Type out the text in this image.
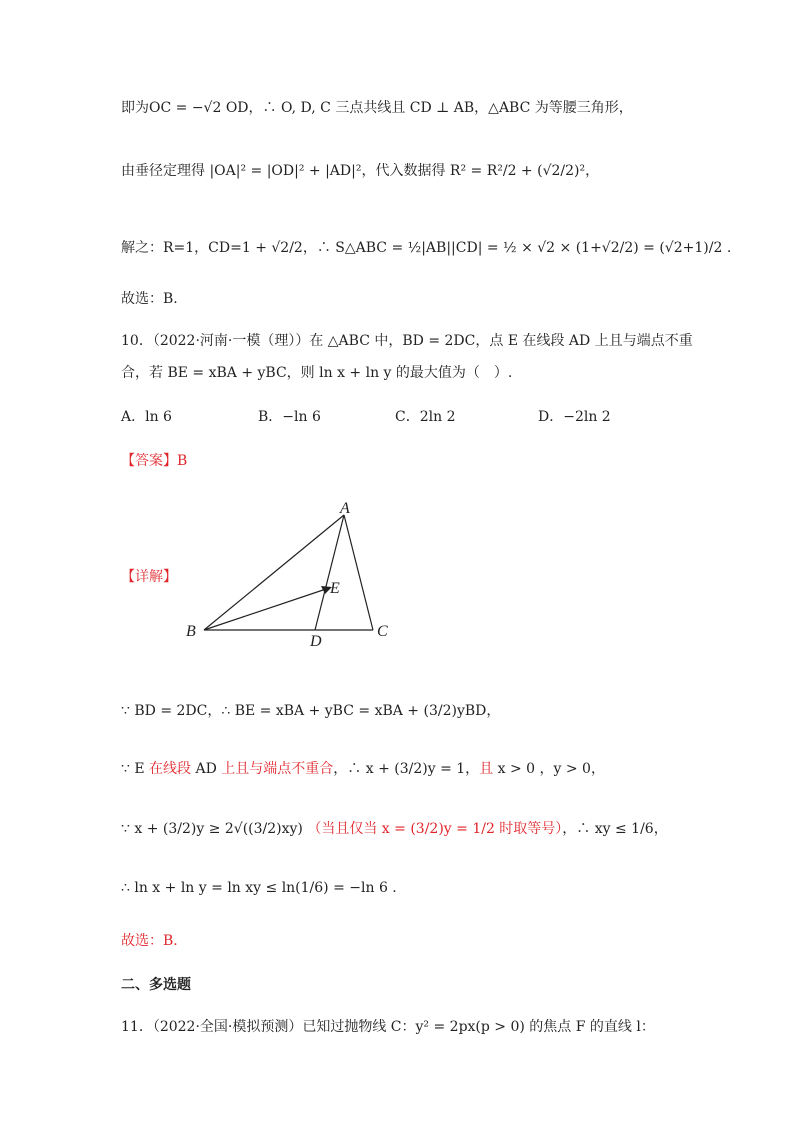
即为OC = −√2 OD，∴ O, D, C 三点共线且 CD ⊥ AB，△ABC 为等腰三角形，
由垂径定理得 |OA|² = |OD|² + |AD|²，代入数据得 R² = R²/2 + (√2/2)²，
解之：R=1，CD=1 + √2/2，∴ S△ABC = ½|AB||CD| = ½ × √2 × (1+√2/2) = (√2+1)/2 .
故选：B.
10．（2022·河南·一模（理））在 △ABC 中，BD = 2DC，点 E 在线段 AD 上且与端点不重
合，若 BE = xBA + yBC，则 ln x + ln y 的最大值为（　）.
A．ln 6	B．−ln 6	C．2ln 2	D．−2ln 2
【答案】B
【详解】
A
B	C
D
E
∵ BD = 2DC，∴ BE = xBA + yBC = xBA + (3/2)yBD，
∵ E 在线段 AD 上且与端点不重合，∴ x + (3/2)y = 1，且 x > 0 ，y > 0，
∵ x + (3/2)y ≥ 2√((3/2)xy) （当且仅当 x = (3/2)y = 1/2 时取等号），∴ xy ≤ 1/6，
∴ ln x + ln y = ln xy ≤ ln(1/6) = −ln 6 .
故选：B.
二、多选题
11．（2022·全国·模拟预测）已知过抛物线 C：y² = 2px(p > 0) 的焦点 F 的直线 l：
